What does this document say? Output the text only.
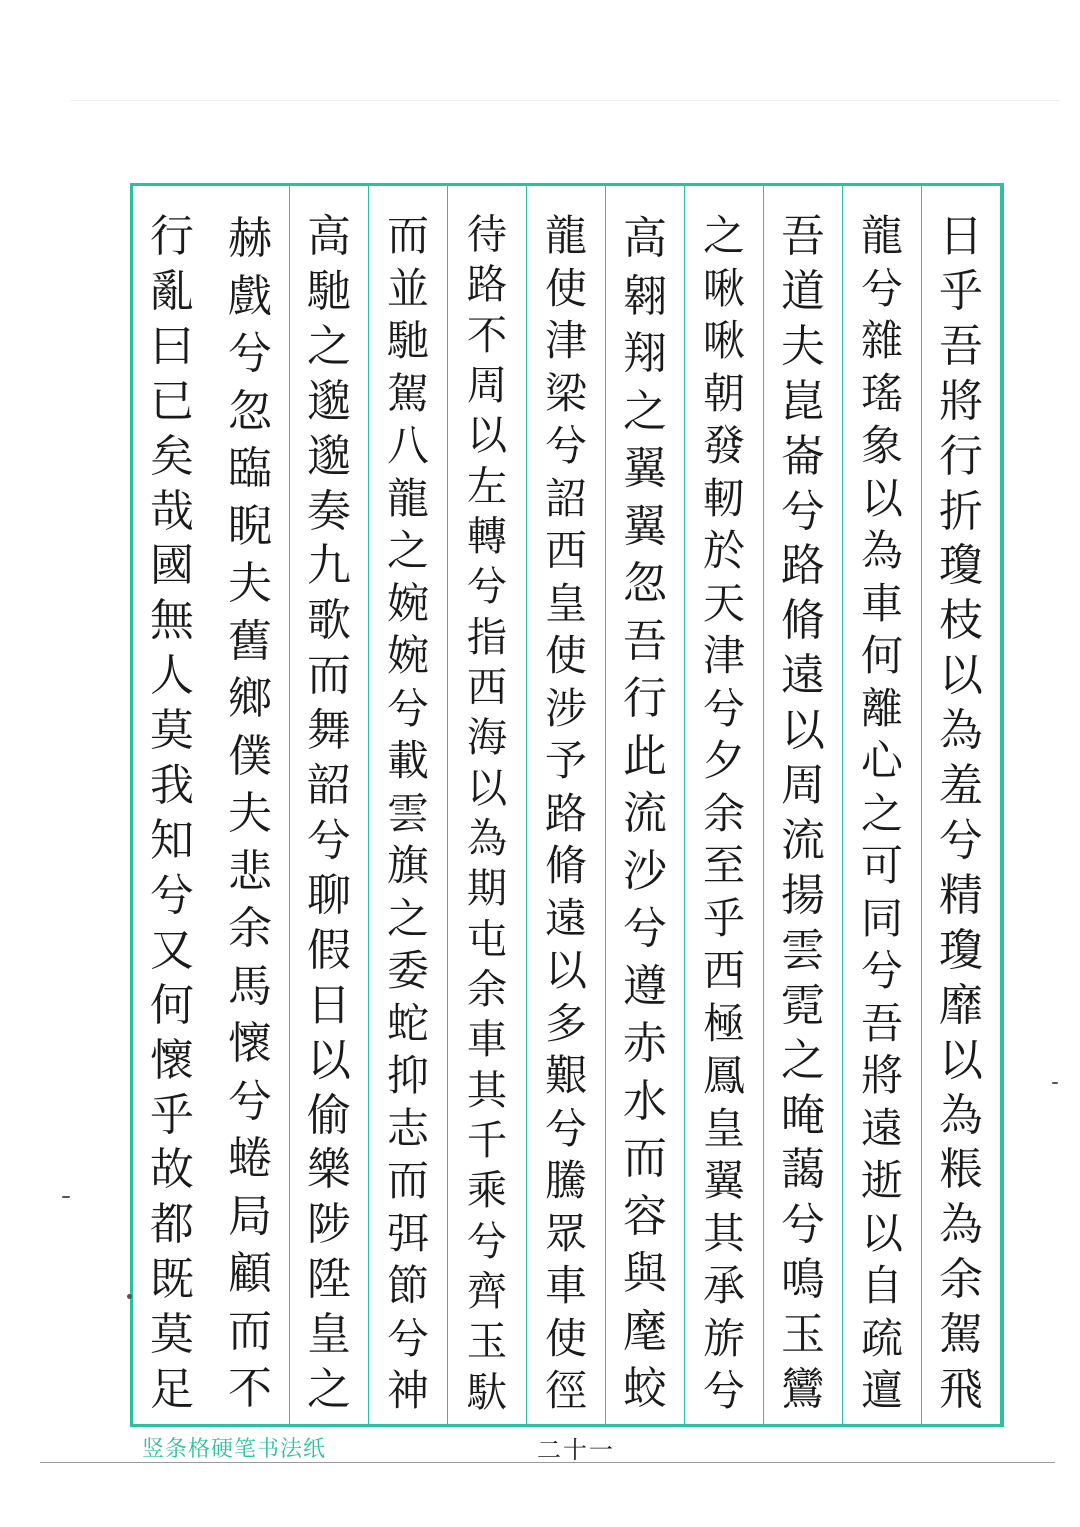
日
乎
吾
將
行
折
瓊
枝
以
為
羞
兮
精
瓊
靡
以
為
粻
為
余
駕
飛
龍
兮
雜
瑤
象
以
為
車
何
離
心
之
可
同
兮
吾
將
遠
逝
以
自
疏
邅
吾
道
夫
崑
崙
兮
路
脩
遠
以
周
流
揚
雲
霓
之
晻
藹
兮
鳴
玉
鸞
之
啾
啾
朝
發
軔
於
天
津
兮
夕
余
至
乎
西
極
鳳
皇
翼
其
承
旂
兮
高
翱
翔
之
翼
翼
忽
吾
行
此
流
沙
兮
遵
赤
水
而
容
與
麾
蛟
龍
使
津
梁
兮
詔
西
皇
使
涉
予
路
脩
遠
以
多
艱
兮
騰
眾
車
使
徑
待
路
不
周
以
左
轉
兮
指
西
海
以
為
期
屯
余
車
其
千
乘
兮
齊
玉
馱
而
並
馳
駕
八
龍
之
婉
婉
兮
載
雲
旗
之
委
蛇
抑
志
而
弭
節
兮
神
高
馳
之
邈
邈
奏
九
歌
而
舞
韶
兮
聊
假
日
以
偷
樂
陟
陞
皇
之
赫
戲
兮
忽
臨
睨
夫
舊
鄉
僕
夫
悲
余
馬
懷
兮
蜷
局
顧
而
不
行
亂
曰
已
矣
哉
國
無
人
莫
我
知
兮
又
何
懷
乎
故
都
既
莫
足
竖条格硬笔书法纸	二十一
